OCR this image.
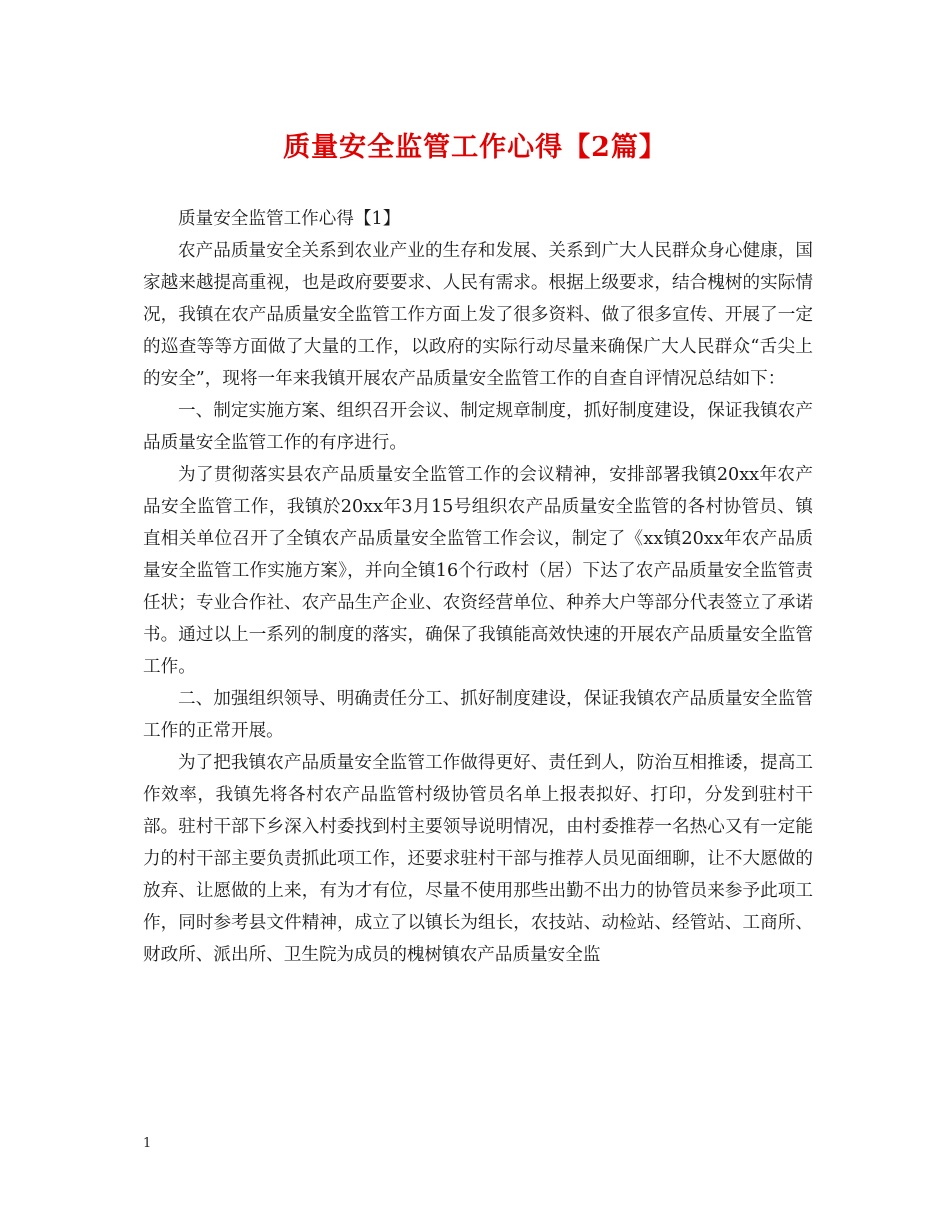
质量安全监管工作心得【2篇】

质量安全监管工作心得【1】

农产品质量安全关系到农业产业的生存和发展、关系到广大人民群众身心健康，国家越来越提高重视，也是政府要要求、人民有需求。根据上级要求，结合槐树的实际情况，我镇在农产品质量安全监管工作方面上发了很多资料、做了很多宣传、开展了一定的巡查等等方面做了大量的工作，以政府的实际行动尽量来确保广大人民群众“舌尖上的安全”，现将一年来我镇开展农产品质量安全监管工作的自查自评情况总结如下：

一、制定实施方案、组织召开会议、制定规章制度，抓好制度建设，保证我镇农产品质量安全监管工作的有序进行。

为了贯彻落实县农产品质量安全监管工作的会议精神，安排部署我镇20xx年农产品安全监管工作，我镇於20xx年3月15号组织农产品质量安全监管的各村协管员、镇直相关单位召开了全镇农产品质量安全监管工作会议，制定了《xx镇20xx年农产品质量安全监管工作实施方案》，并向全镇16个行政村（居）下达了农产品质量安全监管责任状；专业合作社、农产品生产企业、农资经营单位、种养大户等部分代表签立了承诺书。通过以上一系列的制度的落实，确保了我镇能高效快速的开展农产品质量安全监管工作。

二、加强组织领导、明确责任分工、抓好制度建设，保证我镇农产品质量安全监管工作的正常开展。

为了把我镇农产品质量安全监管工作做得更好、责任到人，防治互相推诿，提高工作效率，我镇先将各村农产品监管村级协管员名单上报表拟好、打印，分发到驻村干部。驻村干部下乡深入村委找到村主要领导说明情况，由村委推荐一名热心又有一定能力的村干部主要负责抓此项工作，还要求驻村干部与推荐人员见面细聊，让不大愿做的放弃、让愿做的上来，有为才有位，尽量不使用那些出勤不出力的协管员来参予此项工作，同时参考县文件精神，成立了以镇长为组长，农技站、动检站、经管站、工商所、财政所、派出所、卫生院为成员的槐树镇农产品质量安全监

1
